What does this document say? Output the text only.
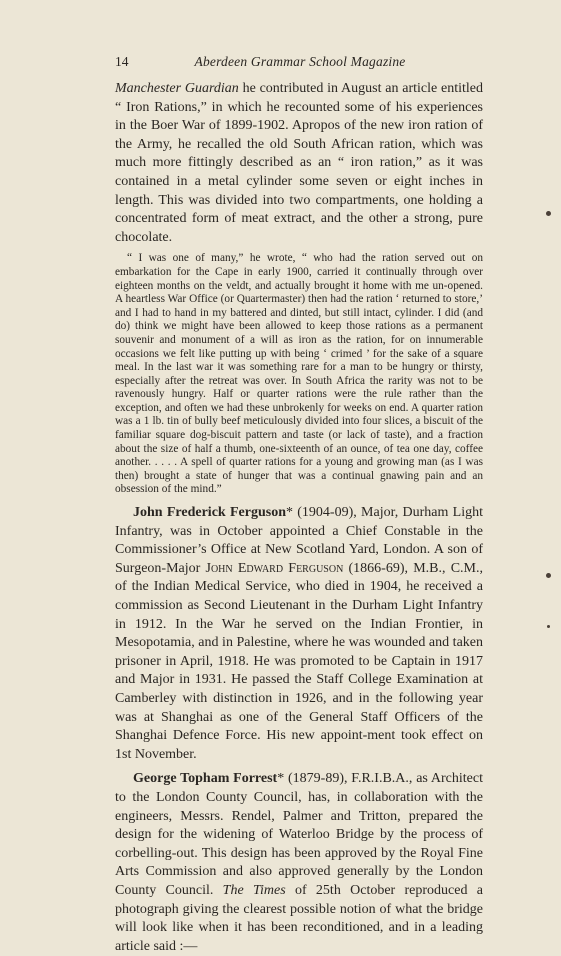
14	Aberdeen Grammar School Magazine

Manchester Guardian he contributed in August an article entitled “ Iron Rations,” in which he recounted some of his experiences in the Boer War of 1899-1902. Apropos of the new iron ration of the Army, he recalled the old South African ration, which was much more fittingly described as an “ iron ration,” as it was contained in a metal cylinder some seven or eight inches in length. This was divided into two compartments, one holding a concentrated form of meat extract, and the other a strong, pure chocolate.

“ I was one of many,” he wrote, “ who had the ration served out on embarkation for the Cape in early 1900, carried it continually through over eighteen months on the veldt, and actually brought it home with me un-opened. A heartless War Office (or Quartermaster) then had the ration ‘ returned to store,’ and I had to hand in my battered and dinted, but still intact, cylinder. I did (and do) think we might have been allowed to keep those rations as a permanent souvenir and monument of a will as iron as the ration, for on innumerable occasions we felt like putting up with being ‘ crimed ’ for the sake of a square meal. In the last war it was something rare for a man to be hungry or thirsty, especially after the retreat was over. In South Africa the rarity was not to be ravenously hungry. Half or quarter rations were the rule rather than the exception, and often we had these unbrokenly for weeks on end. A quarter ration was a 1 lb. tin of bully beef meticulously divided into four slices, a biscuit of the familiar square dog-biscuit pattern and taste (or lack of taste), and a fraction about the size of half a thumb, one-sixteenth of an ounce, of tea one day, coffee another. . . . . A spell of quarter rations for a young and growing man (as I was then) brought a state of hunger that was a continual gnawing pain and an obsession of the mind.”

John Frederick Ferguson* (1904-09), Major, Durham Light Infantry, was in October appointed a Chief Constable in the Commissioner’s Office at New Scotland Yard, London. A son of Surgeon-Major John Edward Ferguson (1866-69), M.B., C.M., of the Indian Medical Service, who died in 1904, he received a commission as Second Lieutenant in the Durham Light Infantry in 1912. In the War he served on the Indian Frontier, in Mesopotamia, and in Palestine, where he was wounded and taken prisoner in April, 1918. He was promoted to be Captain in 1917 and Major in 1931. He passed the Staff College Examination at Camberley with distinction in 1926, and in the following year was at Shanghai as one of the General Staff Officers of the Shanghai Defence Force. His new appoint-ment took effect on 1st November.

George Topham Forrest* (1879-89), F.R.I.B.A., as Architect to the London County Council, has, in collaboration with the engineers, Messrs. Rendel, Palmer and Tritton, prepared the design for the widening of Waterloo Bridge by the process of corbelling-out. This design has been approved by the Royal Fine Arts Commission and also approved generally by the London County Council. The Times of 25th October reproduced a photograph giving the clearest possible notion of what the bridge will look like when it has been reconditioned, and in a leading article said :—
